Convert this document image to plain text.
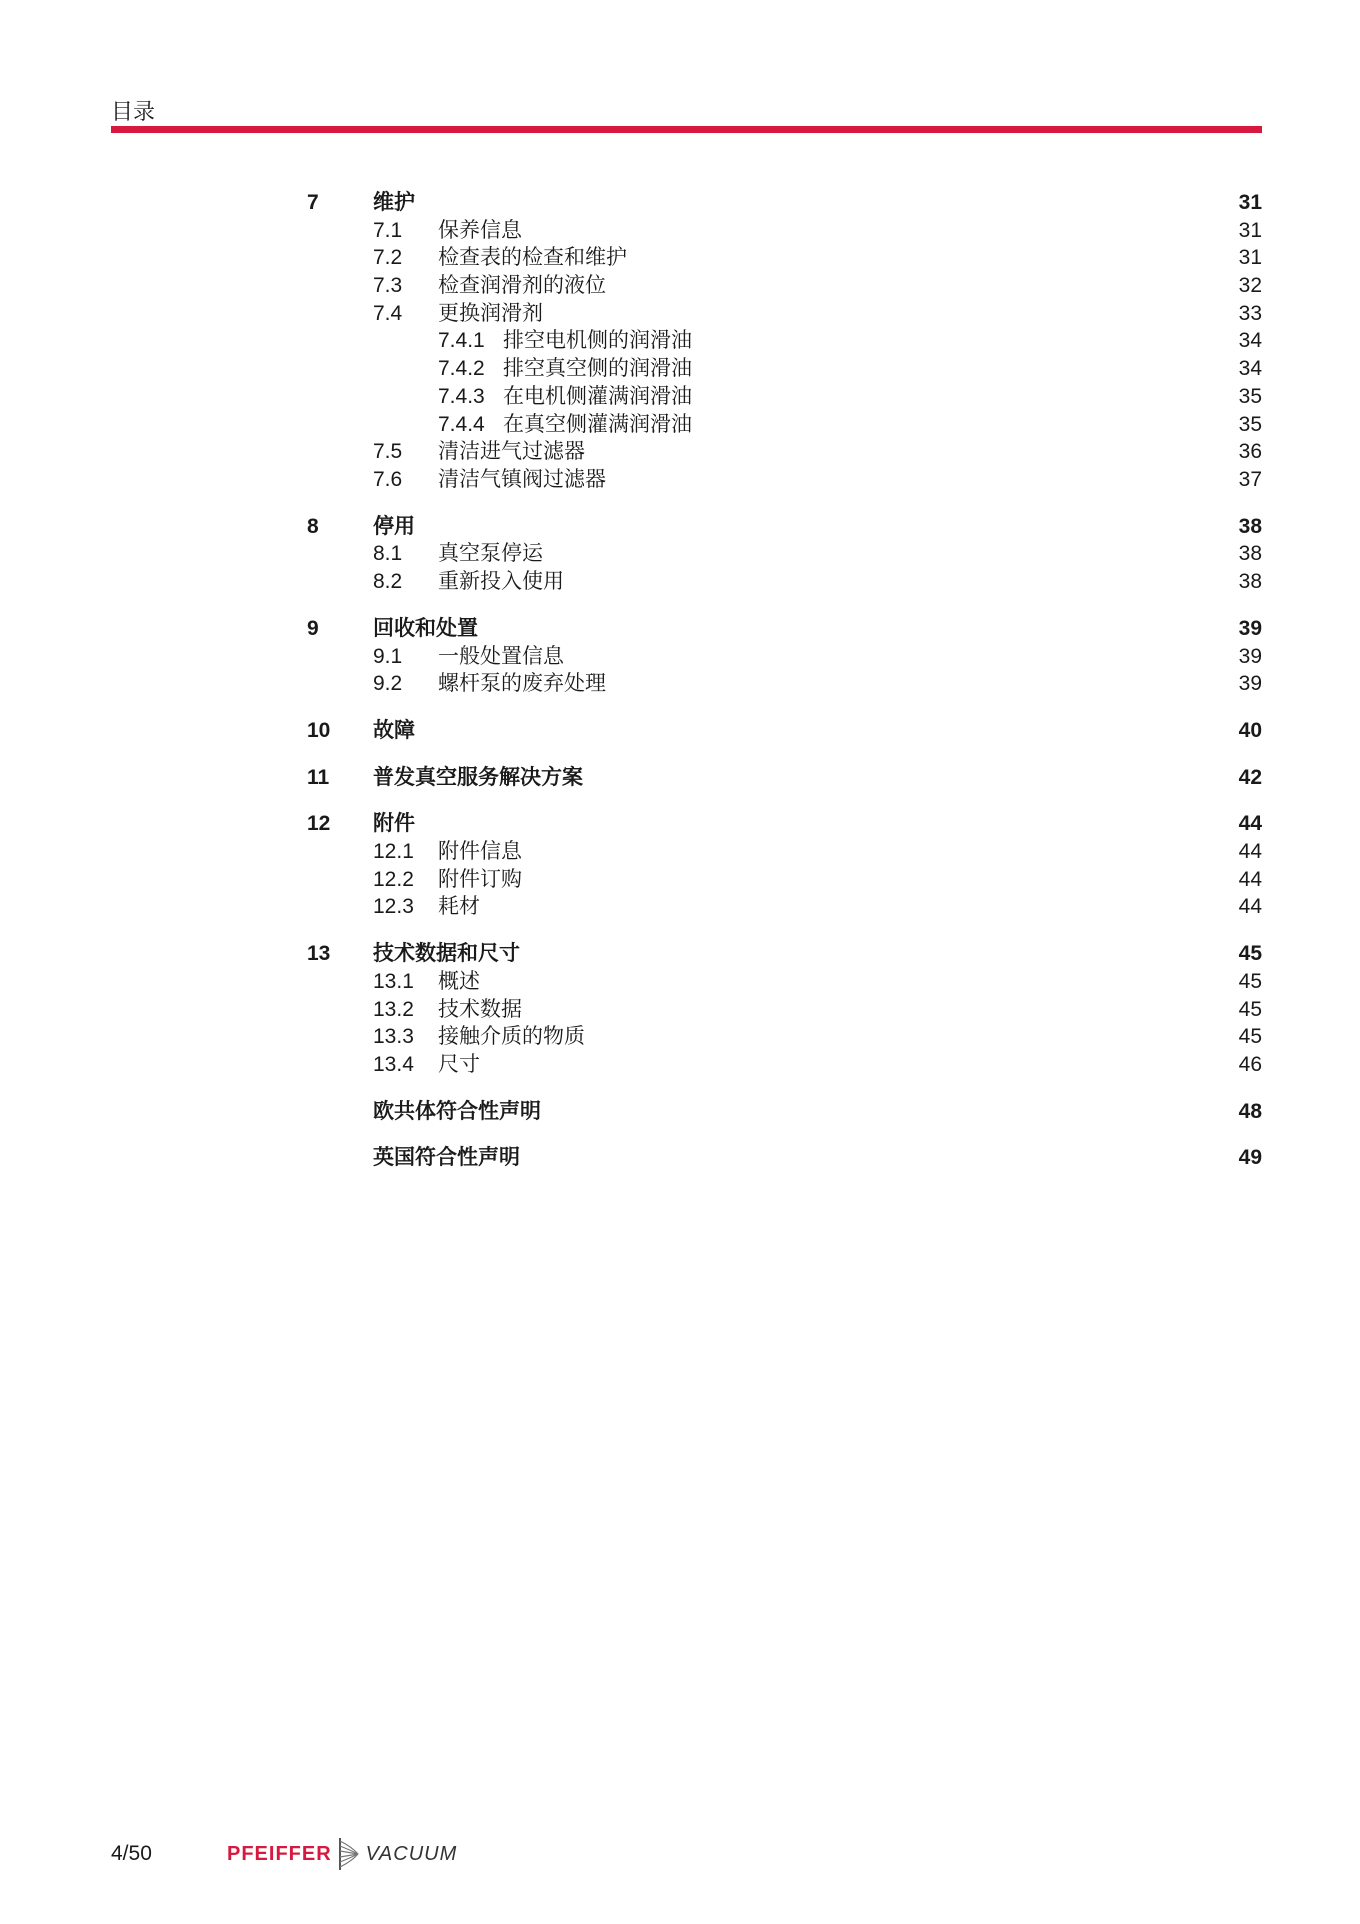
目录
7	维护	31
7.1 保养信息	31
7.2 检查表的检查和维护	31
7.3 检查润滑剂的液位	32
7.4 更换润滑剂	33
7.4.1 排空电机侧的润滑油	34
7.4.2 排空真空侧的润滑油	34
7.4.3 在电机侧灌满润滑油	35
7.4.4 在真空侧灌满润滑油	35
7.5 清洁进气过滤器	36
7.6 清洁气镇阀过滤器	37
8	停用	38
8.1 真空泵停运	38
8.2 重新投入使用	38
9	回收和处置	39
9.1 一般处置信息	39
9.2 螺杆泵的废弃处理	39
10 故障	40
11 普发真空服务解决方案	42
12 附件	44
12.1 附件信息	44
12.2 附件订购	44
12.3 耗材	44
13 技术数据和尺寸	45
13.1 概述	45
13.2 技术数据	45
13.3 接触介质的物质	45
13.4 尺寸	46
欧共体符合性声明	48
英国符合性声明	49
4/50	PFEIFFER VACUUM
